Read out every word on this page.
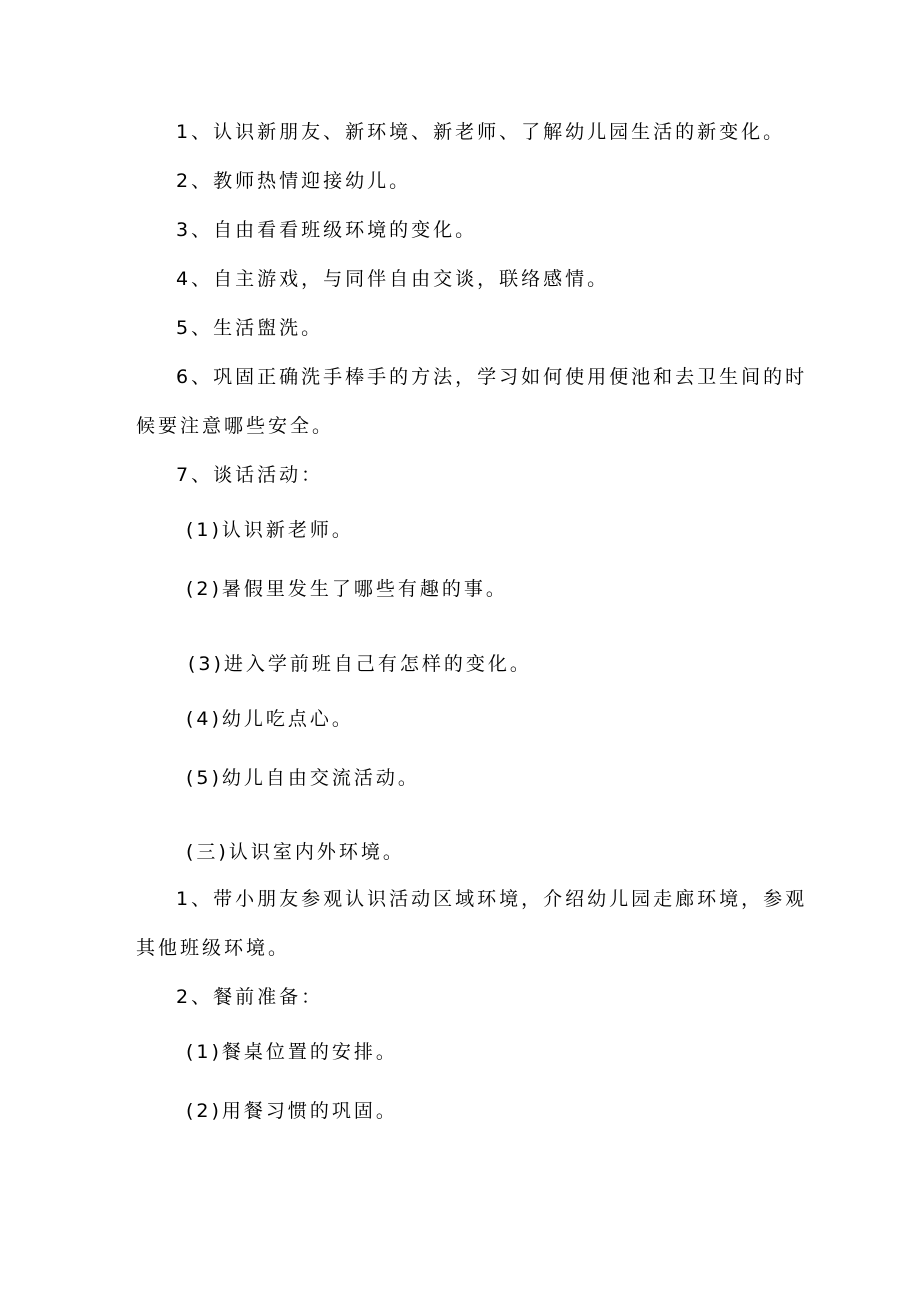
1、认识新朋友、新环境、新老师、了解幼儿园生活的新变化。
2、教师热情迎接幼儿。
3、自由看看班级环境的变化。
4、自主游戏，与同伴自由交谈，联络感情。
5、生活盥洗。
6、巩固正确洗手棒手的方法，学习如何使用便池和去卫生间的时
候要注意哪些安全。
7、谈话活动：
(1)认识新老师。
(2)暑假里发生了哪些有趣的事。
(3)进入学前班自己有怎样的变化。
(4)幼儿吃点心。
(5)幼儿自由交流活动。
(三)认识室内外环境。
1、带小朋友参观认识活动区域环境，介绍幼儿园走廊环境，参观
其他班级环境。
2、餐前准备：
(1)餐桌位置的安排。
(2)用餐习惯的巩固。
